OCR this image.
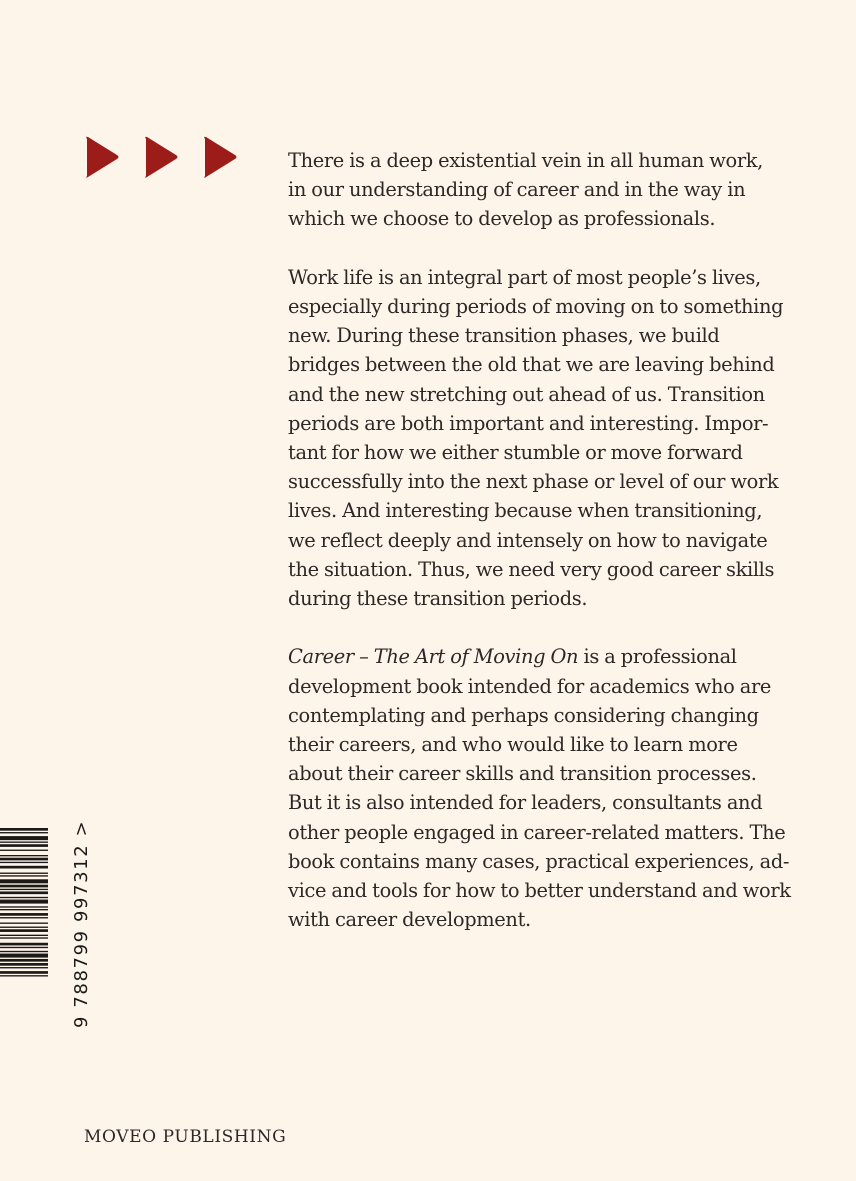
There is a deep existential vein in all human work,
in our understanding of career and in the way in
which we choose to develop as professionals.

Work life is an integral part of most people’s lives,
especially during periods of moving on to something
new. During these transition phases, we build
bridges between the old that we are leaving behind
and the new stretching out ahead of us. Transition
periods are both important and interesting. Impor-
tant for how we either stumble or move forward
successfully into the next phase or level of our work
lives. And interesting because when transitioning,
we reflect deeply and intensely on how to navigate
the situation. Thus, we need very good career skills
during these transition periods.

Career – The Art of Moving On is a professional
development book intended for academics who are
contemplating and perhaps considering changing
their careers, and who would like to learn more
about their career skills and transition processes.
But it is also intended for leaders, consultants and
other people engaged in career-related matters. The
book contains many cases, practical experiences, ad-
vice and tools for how to better understand and work
with career development.

9 788799 997312 >
MOVEO PUBLISHING
